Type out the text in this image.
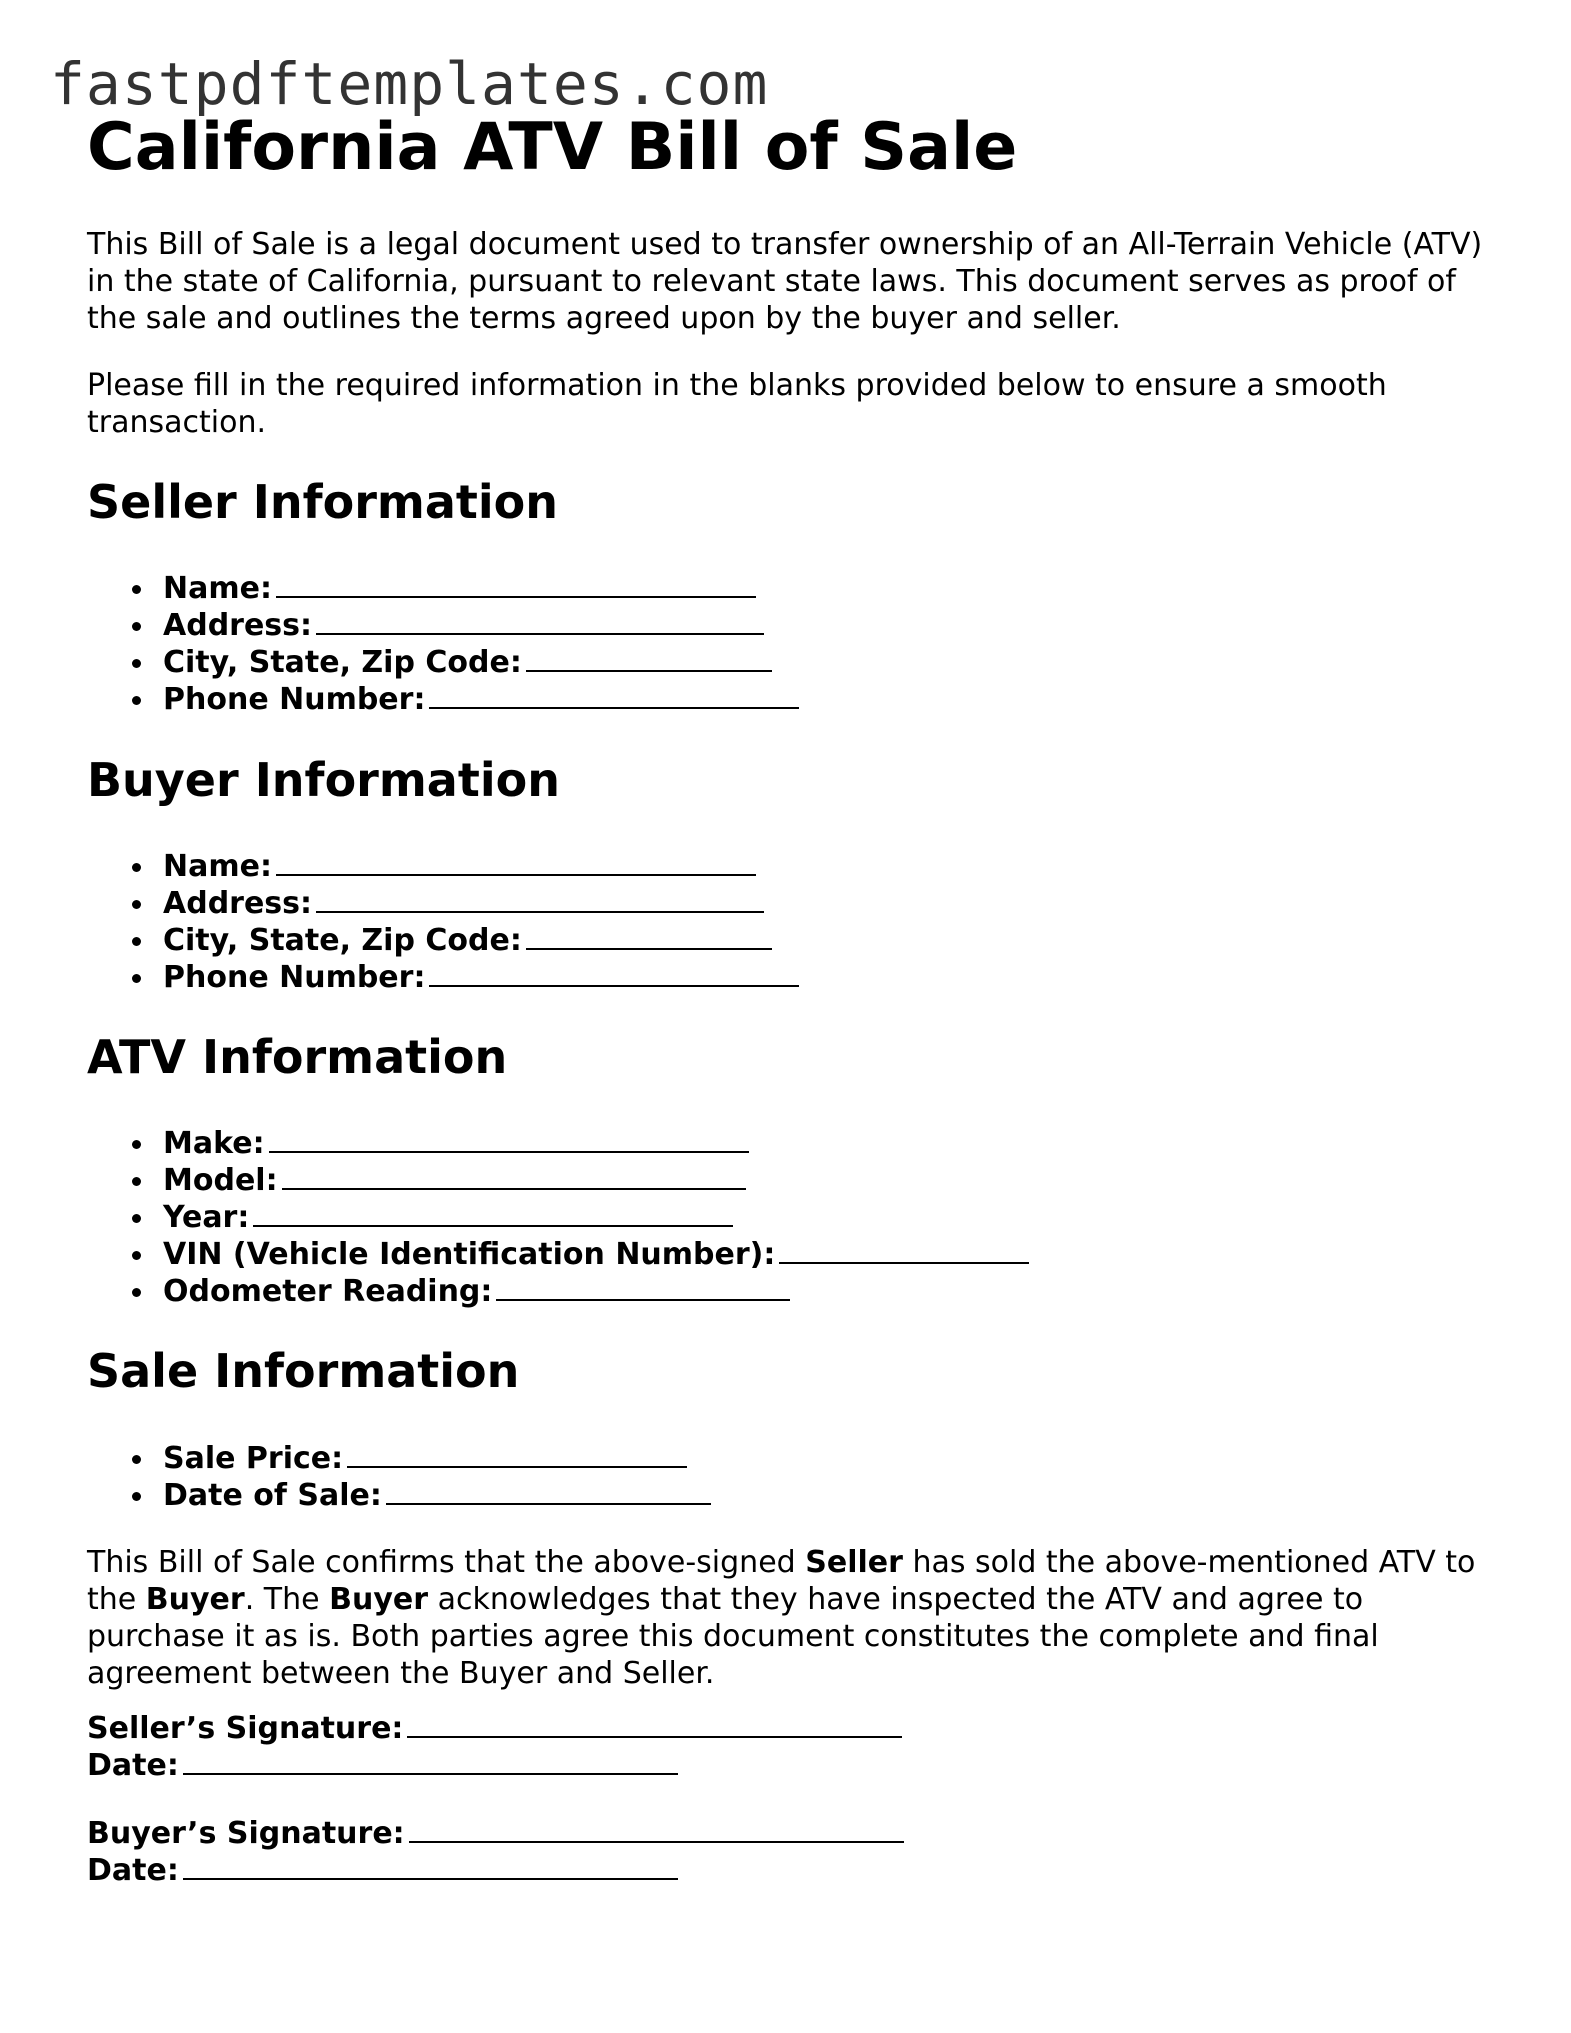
fastpdftemplates.com
California ATV Bill of Sale

This Bill of Sale is a legal document used to transfer ownership of an All-Terrain Vehicle (ATV) in the state of California, pursuant to relevant state laws. This document serves as proof of the sale and outlines the terms agreed upon by the buyer and seller.

Please fill in the required information in the blanks provided below to ensure a smooth transaction.

Seller Information
Name:
Address:
City, State, Zip Code:
Phone Number:
Buyer Information
Name:
Address:
City, State, Zip Code:
Phone Number:
ATV Information
Make:
Model:
Year:
VIN (Vehicle Identification Number):
Odometer Reading:
Sale Information
Sale Price:
Date of Sale:

This Bill of Sale confirms that the above-signed Seller has sold the above-mentioned ATV to the Buyer. The Buyer acknowledges that they have inspected the ATV and agree to purchase it as is. Both parties agree this document constitutes the complete and final agreement between the Buyer and Seller.

Seller’s Signature:
Date:
Buyer’s Signature:
Date:
